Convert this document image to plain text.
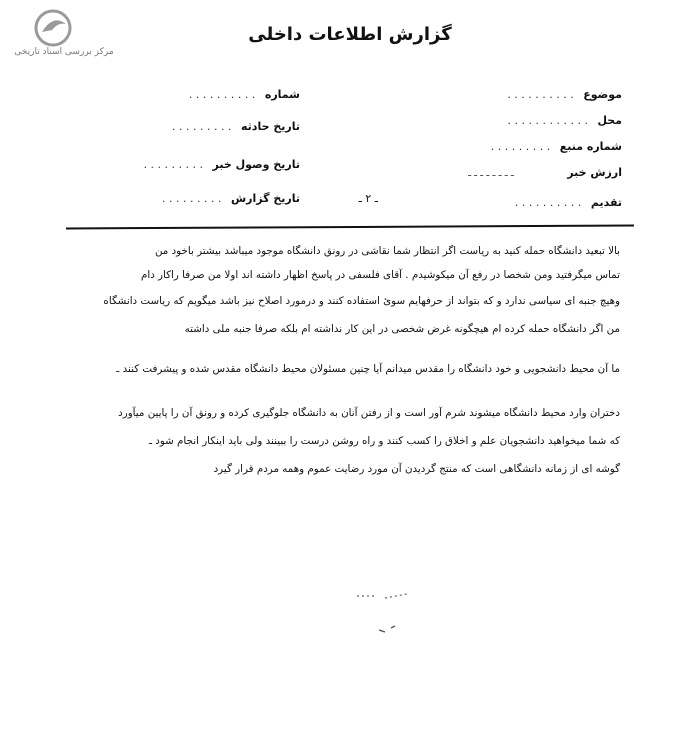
مرکز بررسی اسناد تاریخی
گزارش اطلاعات داخلی
موضوع . . . . . . . . . .
محل . . . . . . . . . . . .
شماره منبع . . . . . . . . .
ارزش خبر ـ ـ ـ ـ ـ ـ ـ ـ
تقدیم . . . . . . . . . .
شماره . . . . . . . . . .
تاریخ حادثه . . . . . . . . .
تاریخ وصول خبر . . . . . . . . .
تاریخ گزارش . . . . . . . . .	ـ ۲ ـ
بالا تبعید دانشگاه حمله کنید به ریاست اگر انتظار شما نقاشی در رونق دانشگاه موجود میباشد بیشتر باخود من
تماس میگرفتید ومن شخصا در رفع آن میکوشیدم . آقای فلسفی در پاسخ اظهار داشته اند اولا من صرفا راکار دام
وهیچ جنبه ای سیاسی ندارد و که بتواند از حرفهایم سوئ استفاده کنند و درمورد اصلاح نیز باشد میگویم که ریاست دانشگاه
من اگر دانشگاه حمله کرده ام هیچگونه غرض شخصی در این کار نداشته ام بلکه صرفا جنبه ملی داشته
ما آن محیط دانشجویی و خود دانشگاه را مقدس میدانم آیا چنین مسئولان محیط دانشگاه مقدس شده و پیشرفت کنند ـ
دختران وارد محیط دانشگاه میشوند شرم آور است و از رفتن آنان به دانشگاه جلوگیری کرده و رونق آن را پایین میآورد
که شما میخواهید دانشجویان علم و اخلاق را کسب کنند و راه روشن درست را ببینند ولی باید اینکار انجام شود ـ
گوشه ای از زمانه دانشگاهی است که منتج گردیدن آن مورد رضایت عموم وهمه مردم قرار گیرد
